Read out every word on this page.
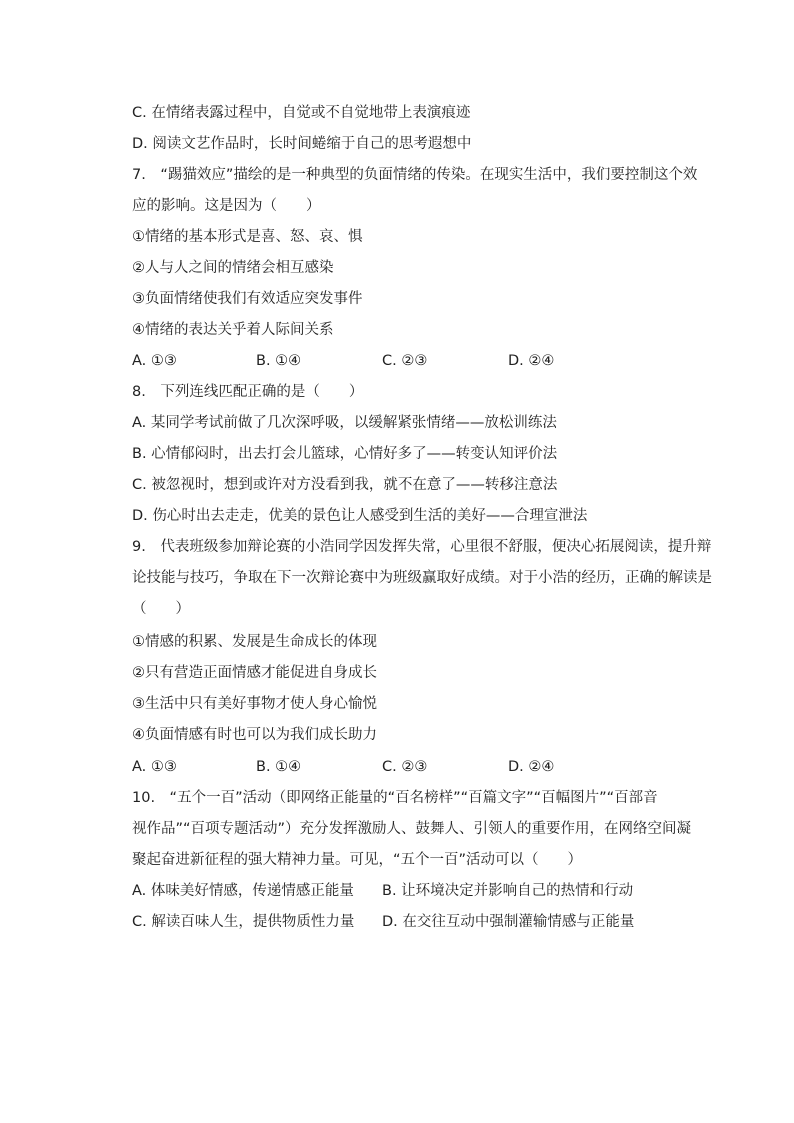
C. 在情绪表露过程中，自觉或不自觉地带上表演痕迹
D. 阅读文艺作品时，长时间蜷缩于自己的思考遐想中
7.　“踢猫效应”描绘的是一种典型的负面情绪的传染。在现实生活中，我们要控制这个效
应的影响。这是因为（　　）
①情绪的基本形式是喜、怒、哀、惧
②人与人之间的情绪会相互感染
③负面情绪使我们有效适应突发事件
④情绪的表达关乎着人际间关系
A. ①③	B. ①④	C. ②③	D. ②④
8.　下列连线匹配正确的是（　　）
A. 某同学考试前做了几次深呼吸，以缓解紧张情绪——放松训练法
B. 心情郁闷时，出去打会儿篮球，心情好多了——转变认知评价法
C. 被忽视时，想到或许对方没看到我，就不在意了——转移注意法
D. 伤心时出去走走，优美的景色让人感受到生活的美好——合理宣泄法
9.　代表班级参加辩论赛的小浩同学因发挥失常，心里很不舒服，便决心拓展阅读，提升辩
论技能与技巧，争取在下一次辩论赛中为班级赢取好成绩。对于小浩的经历，正确的解读是
（　　）
①情感的积累、发展是生命成长的体现
②只有营造正面情感才能促进自身成长
③生活中只有美好事物才使人身心愉悦
④负面情感有时也可以为我们成长助力
A. ①③	B. ①④	C. ②③	D. ②④
10.　“五个一百”活动（即网络正能量的“百名榜样”“百篇文字”“百幅图片”“百部音
视作品”“百项专题活动”）充分发挥激励人、鼓舞人、引领人的重要作用，在网络空间凝
聚起奋进新征程的强大精神力量。可见，“五个一百”活动可以（　　）
A. 体味美好情感，传递情感正能量 B. 让环境决定并影响自己的热情和行动
C. 解读百味人生，提供物质性力量 D. 在交往互动中强制灌输情感与正能量
